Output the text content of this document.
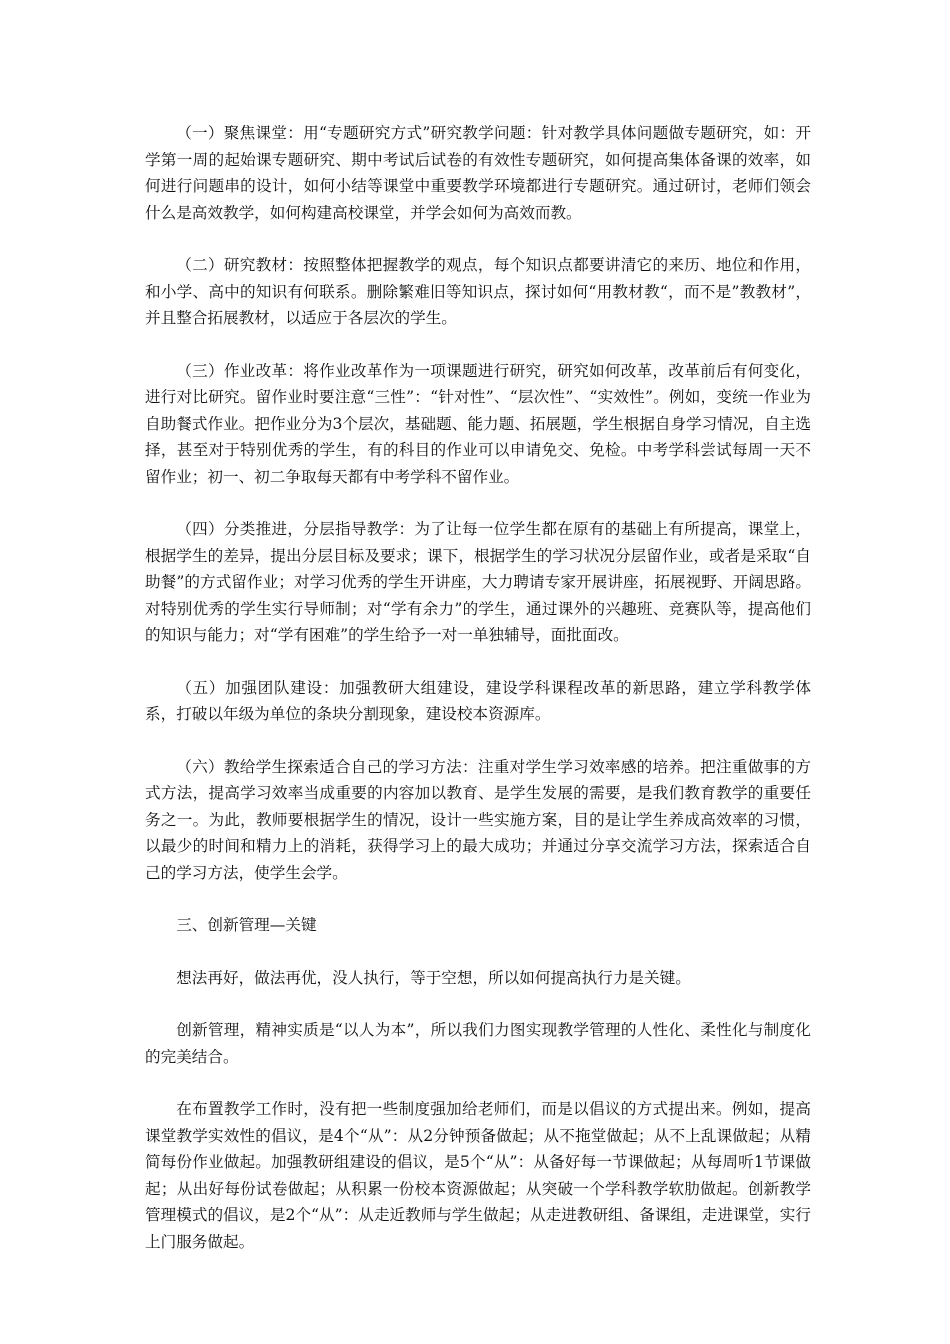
（一）聚焦课堂：用“专题研究方式”研究教学问题：针对教学具体问题做专题研究，如：开学第一周的起始课专题研究、期中考试后试卷的有效性专题研究，如何提高集体备课的效率，如何进行问题串的设计，如何小结等课堂中重要教学环境都进行专题研究。通过研讨，老师们领会什么是高效教学，如何构建高校课堂，并学会如何为高效而教。

（二）研究教材：按照整体把握教学的观点，每个知识点都要讲清它的来历、地位和作用，和小学、高中的知识有何联系。删除繁难旧等知识点，探讨如何“用教材教“，而不是”教教材”，并且整合拓展教材，以适应于各层次的学生。

（三）作业改革：将作业改革作为一项课题进行研究，研究如何改革，改革前后有何变化，进行对比研究。留作业时要注意“三性”：“针对性”、“层次性”、“实效性”。例如，变统一作业为自助餐式作业。把作业分为3个层次，基础题、能力题、拓展题，学生根据自身学习情况，自主选择，甚至对于特别优秀的学生，有的科目的作业可以申请免交、免检。中考学科尝试每周一天不留作业；初一、初二争取每天都有中考学科不留作业。

（四）分类推进，分层指导教学：为了让每一位学生都在原有的基础上有所提高，课堂上，根据学生的差异，提出分层目标及要求；课下，根据学生的学习状况分层留作业，或者是采取“自助餐”的方式留作业；对学习优秀的学生开讲座，大力聘请专家开展讲座，拓展视野、开阔思路。对特别优秀的学生实行导师制；对“学有余力”的学生，通过课外的兴趣班、竞赛队等，提高他们的知识与能力；对“学有困难”的学生给予一对一单独辅导，面批面改。

（五）加强团队建设：加强教研大组建设，建设学科课程改革的新思路，建立学科教学体系，打破以年级为单位的条块分割现象，建设校本资源库。

（六）教给学生探索适合自己的学习方法：注重对学生学习效率感的培养。把注重做事的方式方法，提高学习效率当成重要的内容加以教育、是学生发展的需要，是我们教育教学的重要任务之一。为此，教师要根据学生的情况，设计一些实施方案，目的是让学生养成高效率的习惯，以最少的时间和精力上的消耗，获得学习上的最大成功；并通过分享交流学习方法，探索适合自己的学习方法，使学生会学。

三、创新管理—关键

想法再好，做法再优，没人执行，等于空想，所以如何提高执行力是关键。

创新管理，精神实质是“以人为本”，所以我们力图实现教学管理的人性化、柔性化与制度化的完美结合。

在布置教学工作时，没有把一些制度强加给老师们，而是以倡议的方式提出来。例如，提高课堂教学实效性的倡议，是4个“从”：从2分钟预备做起；从不拖堂做起；从不上乱课做起；从精简每份作业做起。加强教研组建设的倡议，是5个“从”：从备好每一节课做起；从每周听1节课做起；从出好每份试卷做起；从积累一份校本资源做起；从突破一个学科教学软肋做起。创新教学管理模式的倡议，是2个“从”：从走近教师与学生做起；从走进教研组、备课组，走进课堂，实行上门服务做起。
